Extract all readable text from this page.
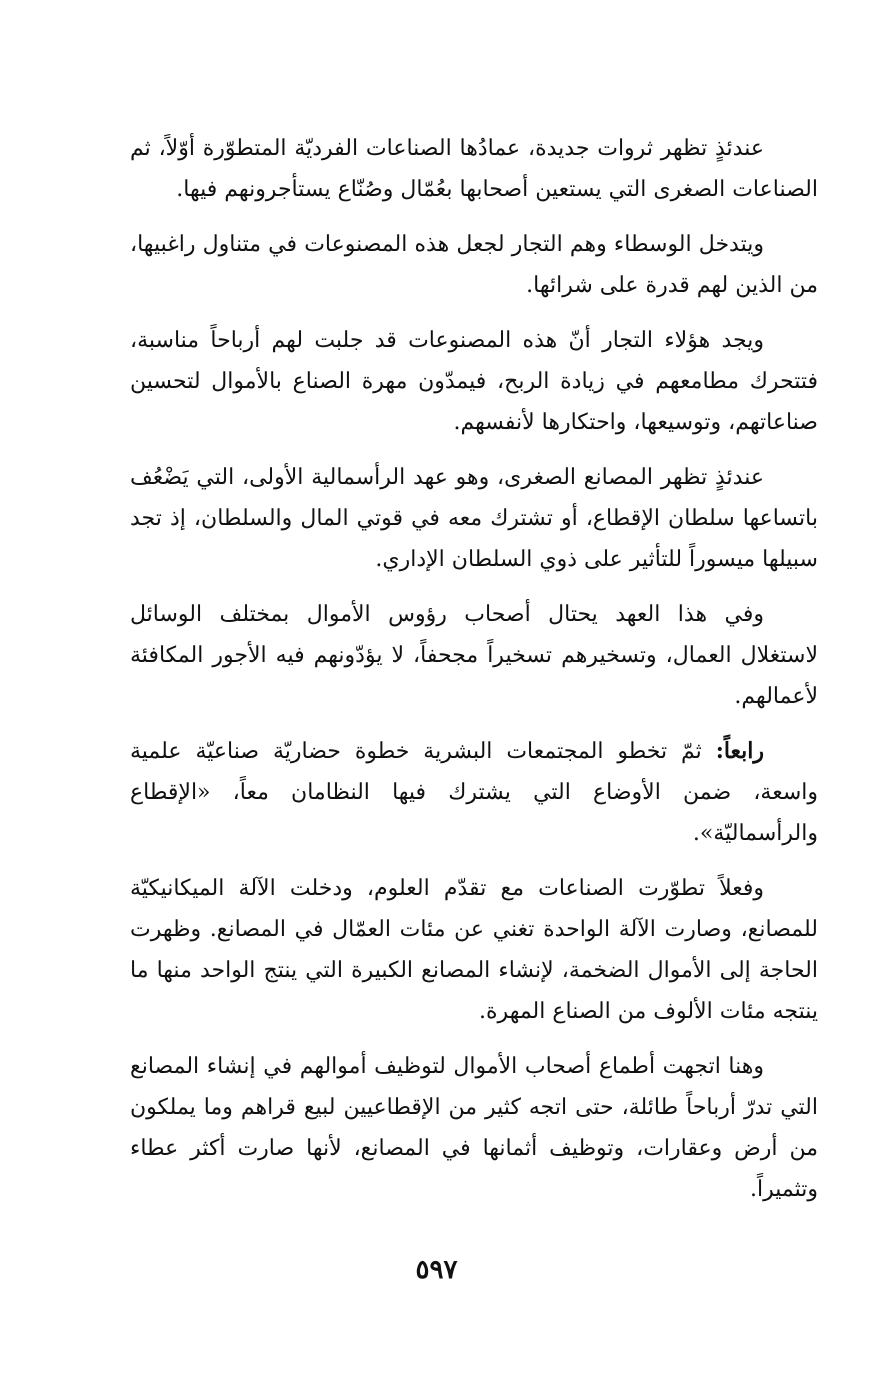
عندئذٍ تظهر ثروات جديدة، عمادُها الصناعات الفرديّة المتطوّرة أوّلاً، ثم الصناعات الصغرى التي يستعين أصحابها بعُمّال وصُنّاع يستأجرونهم فيها.

ويتدخل الوسطاء وهم التجار لجعل هذه المصنوعات في متناول راغبيها، من الذين لهم قدرة على شرائها.

ويجد هؤلاء التجار أنّ هذه المصنوعات قد جلبت لهم أرباحاً مناسبة، فتتحرك مطامعهم في زيادة الربح، فيمدّون مهرة الصناع بالأموال لتحسين صناعاتهم، وتوسيعها، واحتكارها لأنفسهم.

عندئذٍ تظهر المصانع الصغرى، وهو عهد الرأسمالية الأولى، التي يَضْعُف باتساعها سلطان الإقطاع، أو تشترك معه في قوتي المال والسلطان، إذ تجد سبيلها ميسوراً للتأثير على ذوي السلطان الإداري.

وفي هذا العهد يحتال أصحاب رؤوس الأموال بمختلف الوسائل لاستغلال العمال، وتسخيرهم تسخيراً مجحفاً، لا يؤدّونهم فيه الأجور المكافئة لأعمالهم.

رابعاً: ثمّ تخطو المجتمعات البشرية خطوة حضاريّة صناعيّة علمية واسعة، ضمن الأوضاع التي يشترك فيها النظامان معاً، «الإقطاع والرأسماليّة».

وفعلاً تطوّرت الصناعات مع تقدّم العلوم، ودخلت الآلة الميكانيكيّة للمصانع، وصارت الآلة الواحدة تغني عن مئات العمّال في المصانع. وظهرت الحاجة إلى الأموال الضخمة، لإنشاء المصانع الكبيرة التي ينتج الواحد منها ما ينتجه مئات الألوف من الصناع المهرة.

وهنا اتجهت أطماع أصحاب الأموال لتوظيف أموالهم في إنشاء المصانع التي تدرّ أرباحاً طائلة، حتى اتجه كثير من الإقطاعيين لبيع قراهم وما يملكون من أرض وعقارات، وتوظيف أثمانها في المصانع، لأنها صارت أكثر عطاء وتثميراً.

٥٩٧
